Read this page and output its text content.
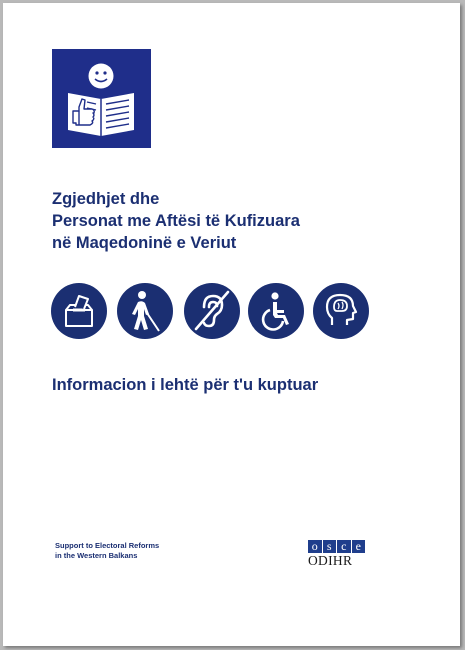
Zgjedhjet dhe
Personat me Aftësi të Kufizuara
në Maqedoninë e Veriut
Informacion i lehtë për t'u kuptuar
Support to Electoral Reforms
in the Western Balkans
o s c e
ODIHR
